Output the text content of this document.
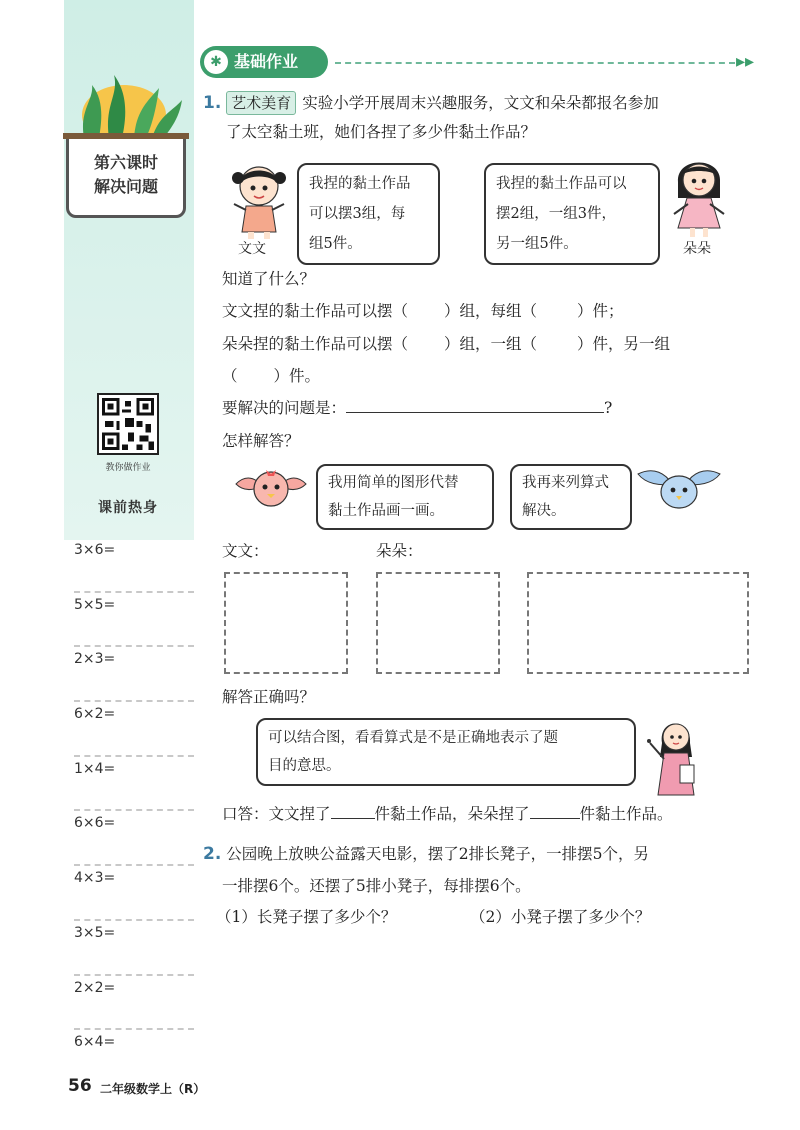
第六课时
解决问题
教你做作业
课前热身
3×6=
5×5=
2×3=
6×2=
1×4=
6×6=
4×3=
3×5=
2×2=
6×4=
✱ 基础作业	▸▸
1. 艺术美育 实验小学开展周末兴趣服务，文文和朵朵都报名参加
了太空黏土班，她们各捏了多少件黏土作品？
文文
我捏的黏土作品
可以摆3组，每
组5件。
我捏的黏土作品可以
摆2组，一组3件，
另一组5件。	朵朵
知道了什么？
文文捏的黏土作品可以摆（ ）组，每组（	）件；
朵朵捏的黏土作品可以摆（ ）组，一组（	）件，另一组
（ ）件。
要解决的问题是：	?
怎样解答？
我用简单的图形代替
黏土作品画一画。
我再来列算式
解决。
文文：	朵朵：
解答正确吗？
可以结合图，看看算式是不是正确地表示了题
目的意思。
口答：文文捏了	件黏土作品，朵朵捏了	件黏土作品。
2. 公园晚上放映公益露天电影，摆了2排长凳子，一排摆5个，另
一排摆6个。还摆了5排小凳子，每排摆6个。
（1）长凳子摆了多少个？	（2）小凳子摆了多少个？
56 二年级数学上（R）
